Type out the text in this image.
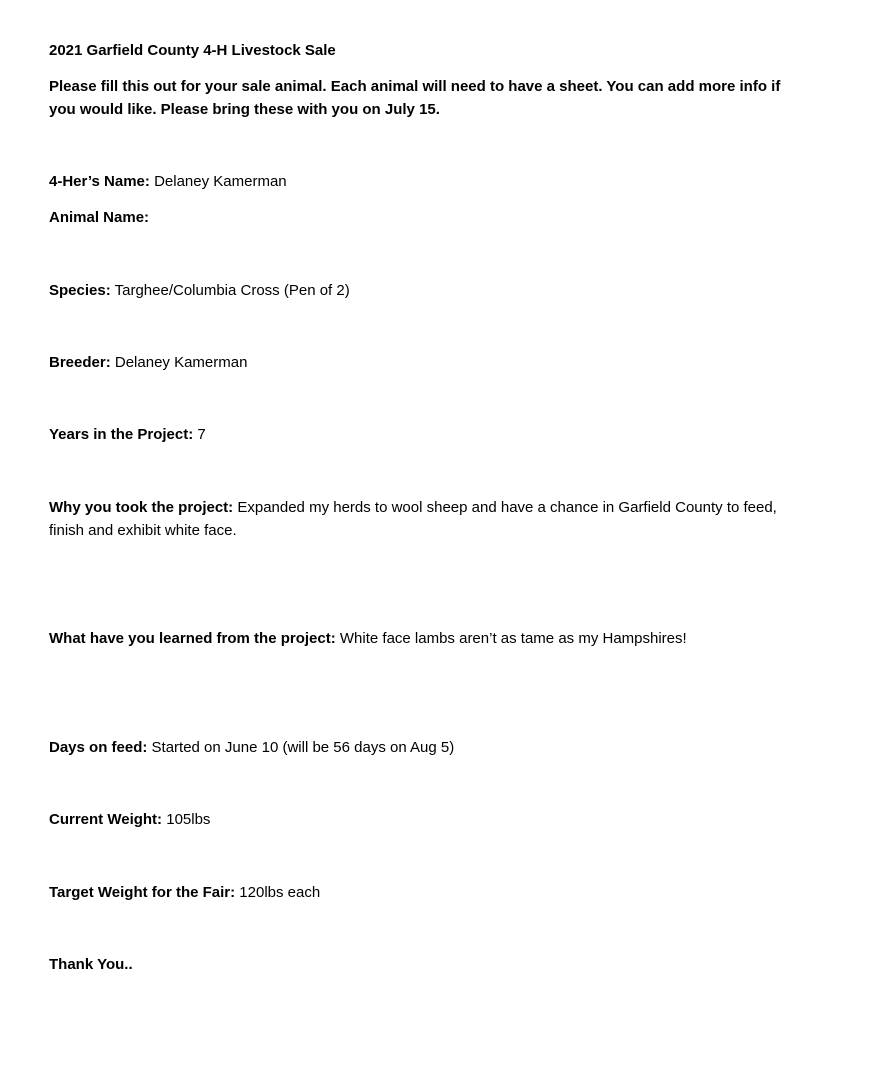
2021 Garfield County 4-H Livestock Sale
Please fill this out for your sale animal. Each animal will need to have a sheet. You can add more info if you would like. Please bring these with you on July 15.
4-Her’s Name: Delaney Kamerman
Animal Name:
Species: Targhee/Columbia Cross (Pen of 2)
Breeder: Delaney Kamerman
Years in the Project: 7
Why you took the project: Expanded my herds to wool sheep and have a chance in Garfield County to feed, finish and exhibit white face.
What have you learned from the project: White face lambs aren’t as tame as my Hampshires!
Days on feed: Started on June 10 (will be 56 days on Aug 5)
Current Weight: 105lbs
Target Weight for the Fair: 120lbs each
Thank You..
